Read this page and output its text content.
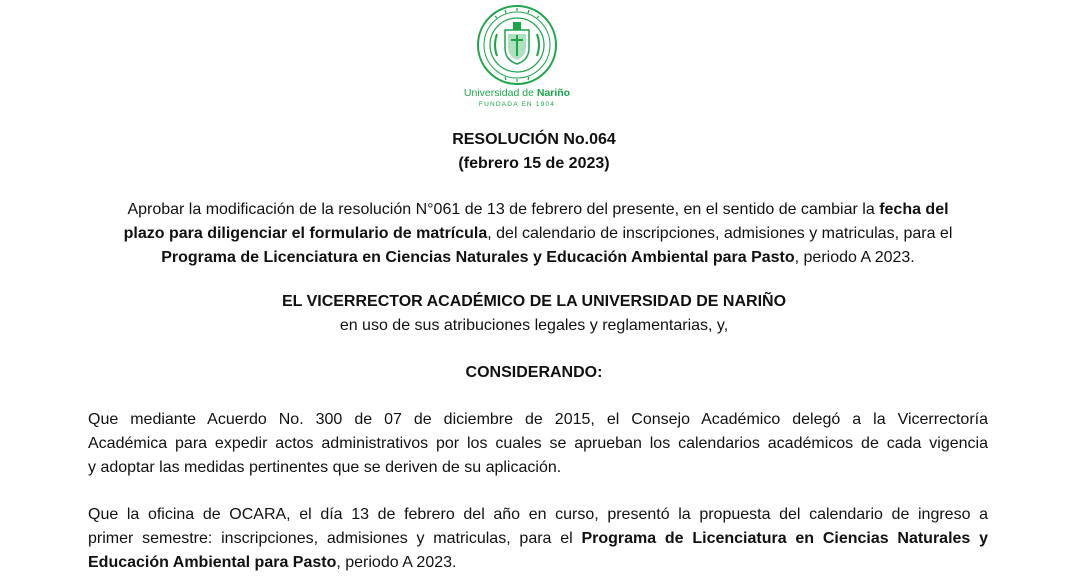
Universidad de Nariño
FUNDADA EN 1904
RESOLUCIÓN No.064
(febrero 15 de 2023)
Aprobar la modificación de la resolución N°061 de 13 de febrero del presente, en el sentido de cambiar la fecha del
plazo para diligenciar el formulario de matrícula, del calendario de inscripciones, admisiones y matriculas, para el
Programa de Licenciatura en Ciencias Naturales y Educación Ambiental para Pasto, periodo A 2023.
EL VICERRECTOR ACADÉMICO DE LA UNIVERSIDAD DE NARIÑO
en uso de sus atribuciones legales y reglamentarias, y,
CONSIDERANDO:
Que mediante Acuerdo No. 300 de 07 de diciembre de 2015, el Consejo Académico delegó a la Vicerrectoría
Académica para expedir actos administrativos por los cuales se aprueban los calendarios académicos de cada vigencia
y adoptar las medidas pertinentes que se deriven de su aplicación.
Que la oficina de OCARA, el día 13 de febrero del año en curso, presentó la propuesta del calendario de ingreso a
primer semestre: inscripciones, admisiones y matriculas, para el Programa de Licenciatura en Ciencias Naturales y
Educación Ambiental para Pasto, periodo A 2023.
